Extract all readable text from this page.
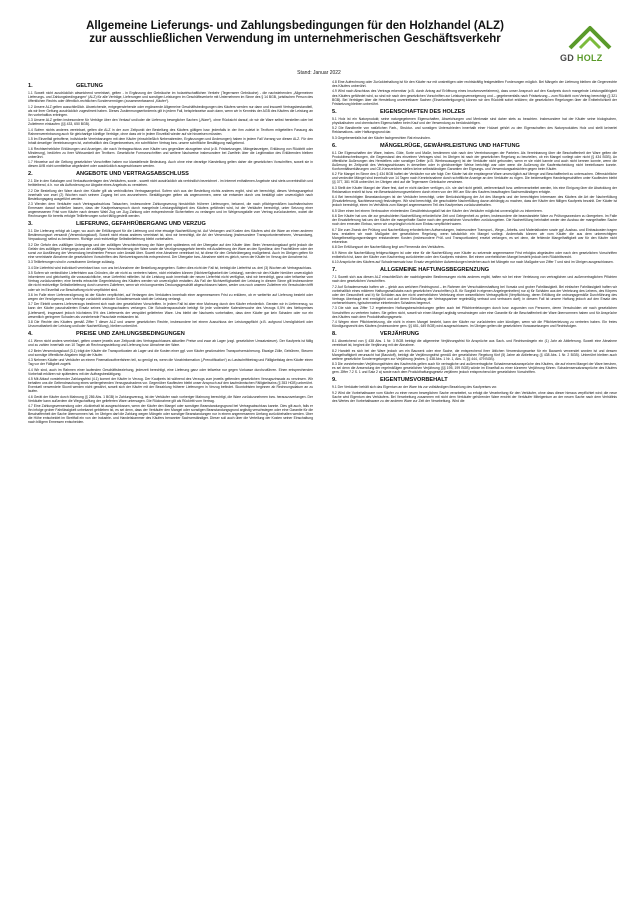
Allgemeine Lieferungs- und Zahlungsbedingungen für den Holzhandel (ALZ)
zur ausschließlichen Verwendung im unternehmerischen Geschäftsverkehr
GD HOLZ
Stand: Januar 2022
1.	GELTUNG
1.1 Soweit nicht ausdrücklich abweichend vereinbart, gelten - in Ergänzung der Gebräuche im holzwirtschaftlichen Verkehr (Tegernseer Gebräuche) - die nachstehenden „Allgemeinen Lieferungs- und Zahlungsbedingungen“ (ALZ) für alle Verträge, Lieferungen und sonstigen Leistungen im Geschäftsverkehr mit Unternehmen im Sinne des § 14 BGB, juristischen Person des öffentlichen Rechts oder öffentlich-rechtlichen Sondervermögen (zusammenfassend „Käufer“).
1.2 Unsere ALZ gelten ausschließlich. Abweichende, entgegenstehende oder ergänzende Allgemeine Geschäftsbedingungen des Käufers werden nur dann und insoweit Vertragsbestandteil, als wir ihrer Geltung ausdrücklich zugestimmt haben. Dieses Zustimmungserfordernis gilt in jedem Fall, beispielsweise auch dann, wenn wir in Kenntnis der AGB des Käufers die Leistung an ihn vorbehaltlos erbringen.
1.3 Unsere ALZ gelten insbesondere für Verträge über den Verkauf und/oder die Lieferung beweglicher Sachen („Ware“), ohne Rücksicht darauf, ob wir die Ware selbst herstellen oder bei Zulieferern einkaufen (§§ 433, 650 BGB).
1.4 Sofern nichts anderes vereinbart, gelten die ALZ in der zum Zeitpunkt der Bestellung des Käufers gültigen bzw. jedenfalls in der ihm zuletzt in Textform mitgeteilten Fassung als Rahmenvereinbarung auch für gleichartige künftige Verträge, ohne dass wir in jedem Einzelfall wieder auf sie hinweisen müssten.
1.5 Im Einzelfall getroffene, individuelle Vereinbarungen mit dem Käufer (einschließlich Nebenabreden, Ergänzungen und Änderungen) haben in jedem Fall Vorrang vor diesen ALZ. Für den Inhalt derartiger Vereinbarungen ist, vorbehaltlich des Gegenbeweises, ein schriftlicher Vertrag bzw. unsere schriftliche Bestätigung maßgebend.
1.6 Rechtserhebliche Erklärungen und Anzeigen, die nach Vertragsschluss vom Käufer uns gegenüber abzugeben sind (z.B. Fristsetzungen, Mängelanzeigen, Erklärung von Rücktritt oder Minderung), bedürfen zu ihrer Wirksamkeit der Textform. Gesetzliche Formvorschriften und weitere Nachweise insbesondere bei Zweifeln über die Legitimation des Erklärenden bleiben unberührt.
1.7 Hinweise auf die Geltung gesetzlicher Vorschriften haben nur klarstellende Bedeutung. Auch ohne eine derartige Klarstellung gelten daher die gesetzlichen Vorschriften, soweit sie in diesen AVB nicht unmittelbar abgeändert oder ausdrücklich ausgeschlossen werden.
2.	ANGEBOTE UND VERTRAGSABSCHLUSS
2.1 Die in den Katalogen und Verkaufsunterlagen des Verkäufers, sowie - soweit nicht ausdrücklich als verbindlich bezeichnet - im Internet enthaltenen Angebote sind stets unverbindlich und freibleibend, d.h. nur als Aufforderung zur Abgabe eines Angebots zu verstehen.
2.2 Die Bestellung der Ware durch den Käufer gilt als verbindliches Vertragsangebot. Sofern sich aus der Bestellung nichts anderes ergibt, sind wir berechtigt, dieses Vertragsangebot innerhalb von zwei (2) Wochen nach seinem Zugang bei uns anzunehmen. Bestätigungen gelten als angenommen, wenn sie entweder durch uns bestätigt oder unverzüglich nach Bestellungsgang ausgeführt werden.
2.3 Werden dem Verkäufer nach Vertragsabschluss Tatsachen, insbesondere Zahlungsverzug hinsichtlich früherer Lieferungen, bekannt, die nach pflichtgemäßem kaufmännischen Ermessen darauf schließen lassen, dass der Kaufpreisanspruch durch mangelnde Leistungsfähigkeit des Käufers gefährdet wird, ist der Verkäufer berechtigt, unter Setzung einer angemessenen Frist vom Käufer nach dessen Wahl Zug um Zug Zahlung oder entsprechende Sicherheiten zu verlangen und im Weigerungsfalle vom Vertrag zurückzutreten, wobei die Rechnungen für bereits erfolgte Teillieferungen sofort fällig gestellt werden.
3.	LIEFERUNG, GEFAHRÜBERGANG UND VERZUG
3.1 Die Lieferung erfolgt ab Lager, wo auch der Erfüllungsort für die Lieferung und eine etwaige Nacherfüllung ist. Auf Verlangen und Kosten des Käufers wird die Ware an einen anderen Bestimmungsort versandt (Versendungskauf). Soweit nicht etwas anderes vereinbart ist, sind wir berechtigt, die Art der Versendung (insbesondere Transportunternehmen, Versandweg, Verpackung) selbst zu bestimmen. Richtige und rechtzeitige Selbstbelieferung bleibt vorbehalten.
3.2 Die Gefahr des zufälligen Untergangs und der zufälligen Verschlechterung der Ware geht spätestens mit der Übergabe auf den Käufer über. Beim Versendungskauf geht jedoch die Gefahr des zufälligen Untergangs und der zufälligen Verschlechterung der Ware sowie die Verzögerungsgefahr bereits mit Auslieferung der Ware an den Spediteur, den Frachtführer oder der sonst zur Ausführung der Versendung bestimmten Person oder Anstalt über. Soweit eine Abnahme vereinbart ist, ist diese für den Gefahrübergang maßgebend. Auch im Übrigen gelten für eine vereinbarte Abnahme die gesetzlichen Vorschriften des Werkvertragsrechts entsprechend. Der Übergabe bzw. Abnahme steht es gleich, wenn der Käufer im Verzug der Annahme ist.
3.3 Teillieferungen sind in zumutbarem Umfange zulässig.
3.4 Die Lieferfrist wird individuell vereinbart bzw. von uns bei Annahme der Bestellung angegeben. Sofern dies nicht der Fall ist, beträgt die Lieferfrist ca. drei (3) Wochen ab Vertragsschluss.
3.5 Sofern wir verbindliche Lieferfristen aus Gründen, die wir nicht zu vertreten haben, nicht einhalten können (Nichtverfügbarkeit der Leistung), werden wir den Käufer hierüber unverzüglich informieren und gleichzeitig die voraussichtliche, neue Lieferfrist mitteilen. Ist die Leistung auch innerhalb der neuen Lieferfrist nicht verfügbar, sind wir berechtigt, ganz oder teilweise vom Vertrag zurückzutreten; eine bereits erbrachte Gegenleistung des Käufers werden wir unverzüglich erstatten. Als Fall der Nichtverfügbarkeit der Leistung in diesem Sinne gilt insbesondere die nicht rechtzeitige Selbstbelieferung durch unseren Zulieferer, wenn wir ein kongruentes Deckungsgeschäft abgeschlossen haben, weder uns noch unseren Zulieferer ein Verschulden trifft oder wir im Einzelfall zur Beschaffung nicht verpflichtet sind.
3.6 Im Falle einer Lieferverzögerung ist der Käufer verpflichtet, auf Verlangen des Verkäufers innerhalb einer angemessenen Frist zu erklären, ob er weiterhin auf Lieferung besteht oder wegen der Verzögerung vom Vertrage zurücktritt und/oder Schadensersatz statt der Leistung verlangt.
3.7 Der Eintritt unseres Lieferverzugs bestimmt sich nach den gesetzlichen Vorschriften. In jedem Fall ist aber eine Mahnung durch den Käufer erforderlich. Geraten wir in Lieferverzug, so kann der Käufer pauschalierten Ersatz seines Verzugsschadens verlangen. Die Schadenspauschale beträgt für jede vollendete Kalenderwoche des Verzugs 0,5% des Nettopreises (Lieferwert), insgesamt jedoch höchstens 5% des Lieferwerts der verspätet gelieferten Ware. Uns bleibt der Nachweis vorbehalten, dass dem Käufer gar kein Schaden oder nur ein wesentlich geringerer Schaden als vorstehende Pauschale entstanden ist.
3.8 Die Rechte des Käufers gemäß Ziffer 7 dieser ALZ und unsere gesetzlichen Rechte, insbesondere bei einem Ausschluss der Leistungspflicht (z.B. aufgrund Unmöglichkeit oder Unzumutbarkeit der Leistung und/oder Nacherfüllung), bleiben unberührt.
4.	PREISE UND ZAHLUNGSBEDINGUNGEN
4.1 Wenn nicht anders vereinbart, gelten unsere jeweils zum Zeitpunkt des Vertragsschlusses aktuellen Preise und zwar ab Lager (zzgl. gesetzlicher Umsatzsteuer). Der Kaufpreis ist fällig und zu zahlen innerhalb von 10 Tagen ab Rechnungsstellung und Lieferung bzw. Abnahme der Ware.
4.2 Beim Versendungskauf (3.1) trägt der Käufer die Transportkosten ab Lager und die Kosten einer ggf. vom Käufer gewünschten Transportversicherung. Etwaige Zölle, Gebühren, Steuern und sonstige öffentliche Abgaben trägt der Käufer.
4.3 Nehmen Käufer und Verkäufer an einem Finematicsoftverfahren teil, so genügt es, wenn die Vorabinformation („Prenotification“) zu Lastschriftbetrag und Fälligkeitstag dem Käufer einen Tag vor der Fälligkeit zugeht.
4.4 Wir sind, auch im Rahmen einer laufenden Geschäftsbeziehung, jederzeit berechtigt, eine Lieferung ganz oder teilweise nur gegen Vorkasse durchzuführen. Einen entsprechenden Vorbehalt erklären wir spätestens mit der Auftragsbestätigung.
4.5 Mit Ablauf vorstehender Zahlungsfrist (4.1) kommt der Käufer in Verzug. Der Kaufpreis ist während des Verzugs zum jeweils geltenden gesetzlichen Verzugszinssatz zu verzinsen. Wir behalten uns die Geltendmachung eines weitergehenden Verzugsschadens vor. Gegenüber Kaufleuten bleibt unser Anspruch auf den kaufmännischen Fälligkeitszins (§ 353 HGB) unberührt. Eventuell verwendete Skonti werden nicht gewährt, soweit sich der Käufer mit der Bezahlung früherer Lieferungen in Verzug befindet. Skontofristen beginnen ab Rechnungsdatum an zu laufen.
4.6 Gerät der Käufer durch Mahnung (§ 286 Abs. 1 BGB) in Zahlungsverzug, ist der Verkäufer nach vorheriger Mahnung berechtigt, die Ware zurückzunehmen bzw. herauszuverlangen. Der Verkäufer kann außerdem die Wegschaffung der gelieferten Ware untersagen. Die Rücknahme gilt als Rücktritt vom Vertrag.
4.7 Eine Zahlungsverwendung oder -rückbehalt ist ausgeschlossen, wenn der Käufer den Mangel oder sonstigen Beanstandungsgrund bei Vertragsabschluss kannte. Dies gilt auch, falls er ihn infolge grober Fahrlässigkeit unbekannt geblieben ist, es sei denn, dass der Verkäufer den Mangel oder sonstigen Beanstandungsgrund arglistig verschwiegen oder eine Garantie für die Beschaffenheit der Sache übernommen hat. Im Übrigen darf die Zahlung wegen Mängeln oder sonstiger Beanstandungen nur in einem angemessenen Umfang zurückbehalten werden. Über die Höhe entscheidet im Streitfall ein von der Industrie- und Handelskammer des Käufers benannter Sachverständiger. Dieser soll auch über die Verteilung der Kosten seiner Einschaltung nach billigem Ermessen entscheiden.
4.8 Eine Aufrechnung oder Zurückbehaltung ist für den Käufer nur mit unstreitigen oder rechtskräftig festgestellten Forderungen möglich. Bei Mängeln der Lieferung bleiben die Gegenrechte des Käufers unberührt.
4.9 Wird nach Abschluss des Vertrags erkennbar (z.B. durch Antrag auf Eröffnung eines Insolvenzverfahrens), dass unser Anspruch auf den Kaufpreis durch mangelnde Leistungsfähigkeit des Käufers gefährdet wird, so sind wir nach den gesetzlichen Vorschriften zur Leistungsverweigerung und – gegebenenfalls nach Fristsetzung – zum Rücktritt vom Vertrag berechtigt (§ 321 BGB). Bei Verträgen über die Herstellung unvertretbarer Sachen (Einzelanfertigungen) können wir den Rücktritt sofort erklären; die gesetzlichen Regelungen über die Entbehrlichkeit der Fristsetzung bleiben unberührt.
5.	EIGENSCHAFTEN DES HOLZES
5.1 Holz ist ein Naturprodukt; seine naturgegebenen Eigenschaften, Abweichungen und Merkmale sind daher stets zu beachten. Insbesondere hat der Käufer seine biologischen, physikalischen und chemischen Eigenschaften beim Kauf und der Verwendung zu berücksichtigen.
5.2 Die Bandbreite von natürlichen Farb-, Struktur- und sonstigen Unterschieden innerhalb einer Holzart gehört zu den Eigenschaften des Naturproduktes Holz und stellt keinerlei Reklamations- oder Haftungsgrund dar.
5.3 Gegebenenfalls hat der Käufer fachgerechten Rat einzuholen.
6.	MÄNGELRÜGE, GEWÄHRLEISTUNG UND HAFTUNG
6.1 Die Eigenschaften der Ware, insbes. Güte, Sorte und Maße, bestimmen sich nach den Vereinbarungen der Parteien. Als Vereinbarung über die Beschaffenheit der Ware gelten die Produktbeschreibungen, die Gegenstand des einzelnen Vertrages sind. Im Übrigen ist nach der gesetzlichen Regelung zu beurteilen, ob ein Mangel vorliegt oder nicht (§ 434 BGB). An öffentliche Äußerungen des Herstellers oder sonstiger Dritter (z.B. Werbeaussagen) ist der Verkäufer nicht gebunden, wenn er sie nicht kannte und auch nicht kennen konnte, wenn die Äußerung im Zeitpunkt des Vertragsschlusses in derselben oder in gleichwertiger Weise berichtigt war oder wenn die Äußerung die Kaufentscheidung nicht beeinflussen konnte. Konformitätserklärungen und CE-Kennzeichen stellen keine selbstständigen Garantien der Eignungs- und Verwendungsabsichten gegen beim Käufer.
6.2 Für Mangel im Sinne des § 434 BGB haftet der Verkäufer nur wie folgt: Der Käufer hat die empfangene Ware unverzüglich auf Menge und Beschaffenheit zu untersuchen. Offensichtliche und verdeckte Mängel sind innerhalb von 14 Tagen nach Kenntnisnahme durch schriftliche Anzeige an den Verkäufer zu rügen. Die beiderseitigen Handelsgeschäften unter Kaufleuten bleibt §§ 377, 381 HGB unberührt. Im Übrigen wird auf die Tegernseer Gebräuche verwiesen.
6.3 Stellt der Käufer Mangel der Ware fest, darf er nicht darüber verfügen, d.h. sie darf nicht geteilt, weiterverkauft bzw. weiterverarbeitet werden, bis eine Einigung über die Abwicklung der Reklamation erzielt ist bzw. ein Beweissicherungsverfahren durch einen von der IHK am Sitz des Kaufers beauftragten Sachverständigen erfolgte.
6.4 Bei berechtigten Beanstandungen ist der Verkäufer berechtigt, unter Berücksichtigung der Art des Mangels und der berechtigten Interessen des Käufers die Art der Nacherfüllung (Ersatzlieferung, Nachbesserung) festzulegen. Wir sind berechtigt, die geschuldete Nacherfüllung davon abhängig zu machen, dass der Käufer den fälligen Kaufpreis bezahlt. Der Käufer ist jedoch berechtigt, einen im Verhältnis zum Mangel angemessenen Teil des Kaufpreises zurückzubehalten.
6.5 Über einen bei einem Verbraucher eintretenden Gewährleistungsfall hat der Käufer den Verkäufer möglichst unverzüglich zu informieren.
6.6 Der Käufer hat uns die zur geschuldeten Nacherfüllung erforderliche Zeit und Gelegenheit zu geben, insbesondere die beanstandete Ware zu Prüfungszwecken zu übergeben. Im Falle der Ersatzlieferung hat uns der Käufer die mangelhafte Sache nach den gesetzlichen Vorschriften zurückzugeben. Die Nacherfüllung beinhaltet weder den Ausbau der mangelhaften Sache noch den erneuten Einbau, wenn wir ursprünglich nicht zum Einbau verpflichtet waren.
6.7 Die zum Zweck der Prüfung und Nacherfüllung erforderlichen Aufwendungen, insbesondere Transport-, Wege-, Arbeits- und Materialkosten sowie ggf. Ausbau- und Einbaukosten tragen bzw. erstatten wir nach Maßgabe der gesetzlichen Regelung, wenn tatsächlich ein Mangel vorliegt. Andernfalls können wir vom Käufer die aus dem unberechtigten Mangelbeseitigungsverlangen entstandenen Kosten (insbesondere Prüf- und Transportkosten) ersetzt verlangen, es sei denn, die fehlende Mangelhaftigkeit war für den Käufer nicht erkennbar.
6.8 Der Erfüllungsort der Nacherfüllung liegt am Firmensitz des Verkäufers.
6.9 Wenn die Nacherfüllung fehlgeschlagen ist oder eine für die Nacherfüllung vom Käufer zu setzende angemessene Frist erfolglos abgelaufen oder nach den gesetzlichen Vorschriften entbehrlich ist, kann der Käufer vom Kaufvertrag zurücktreten oder den Kaufpreis mindern. Bei einem unerheblichen Mangel besteht jedoch kein Rücktrittsrecht.
6.10 Ansprüche des Käufers auf Schadensersatz bzw. Ersatz vergeblicher Aufwendungen bestehen auch bei Mängeln nur nach Maßgabe von Ziffer 7 und sind im Übrigen ausgeschlossen.
7.	ALLGEMEINE HAFTUNGSBEGRENZUNG
7.1 Soweit sich aus diesen ALZ einschließlich der nachfolgenden Bestimmungen nichts anderes ergibt, haften wir bei einer Verletzung von vertraglichen und außervertraglichen Pflichten nach den gesetzlichen Vorschriften.
7.2 Auf Schadensersatz haften wir – gleich aus welchem Rechtsgrund – im Rahmen der Verschuldenshaftung bei Vorsatz und grober Fahrlässigkeit. Bei einfacher Fahrlässigkeit haften wir vorbehaltlich eines milderen Haftungsmaßstabs nach gesetzlichen Vorschriften (z.B. für Sorgfalt in eigenen Angelegenheiten) nur a) für Schäden aus der Verletzung des Lebens, des Körpers oder der Gesundheit und b) für Schäden aus der nicht unerheblichen Verletzung einer wesentlichen Vertragspflicht (Verpflichtung, deren Erfüllung die ordnungsgemäße Durchführung des Vertrags überhaupt erst ermöglicht und auf deren Einhaltung der Vertragspartner regelmäßig vertraut und vertrauen darf); in diesem Fall ist unsere Haftung jedoch auf den Ersatz des vorhersehbaren, typischerweise eintretenden Schadens begrenzt.
7.3 Die sich aus Ziffer 7.2 ergebenden Haftungsbeschränkungen gelten auch bei Pflichtverletzungen durch bzw. zugunsten von Personen, deren Verschulden wir nach gesetzlichen Vorschriften zu vertreten haben. Sie gelten nicht, soweit wir einen Mangel arglistig verschwiegen oder eine Garantie für die Beschaffenheit der Ware übernommen haben und für Ansprüche des Käufers nach dem Produkthaftungsgesetz.
7.4 Wegen einer Pflichtverletzung, die nicht in einem Mangel besteht, kann der Käufer nur zurücktreten oder kündigen, wenn wir die Pflichtverletzung zu vertreten haben. Ein freies Kündigungsrecht des Käufers (insbesondere gem. §§ 651, 649 BGB) wird ausgeschlossen. Im Übrigen gelten die gesetzlichen Voraussetzungen und Rechtsfolgen.
8.	VERJÄHRUNG
8.1 Abweichend von § 438 Abs. 1 Nr. 3 BGB beträgt die allgemeine Verjährungsfrist für Ansprüche aus Sach- und Rechtsmängeln ein (1) Jahr ab Ablieferung. Soweit eine Abnahme vereinbart ist, beginnt die Verjährung mit der Abnahme.
8.2 Handelt es sich bei der Ware jedoch um ein Bauwerk oder eine Sache, die entsprechend ihrer üblichen Verwendungsweise für ein Bauwerk verwendet worden ist und dessen Mangelhaftigkeit verursacht hat (Baustoff), beträgt die Verjährungsfrist gemäß der gesetzlichen Regelung fünf (5) Jahre ab Ablieferung (§ 438 Abs. 1 Nr. 2 BGB). Unberührt bleiben auch weitere gesetzliche Sonderregelungen zur Verjährung (insbes. § 438 Abs. 1 Nr. 1, Abs. 3, §§ 444, 479 BGB).
8.3 Die vorstehenden Verjährungsfristen des Kaufrechts gelten auch für vertragliche und außervertragliche Schadensersatzansprüche des Käufers, die auf einem Mangel der Ware beruhen, es sei denn die Anwendung der regelmäßigen gesetzlichen Verjährung (§§ 195, 199 BGB) würde im Einzelfall zu einer kürzeren Verjährung führen. Schadensersatzansprüche des Käufers gem. Ziffer 7.2 S. 1 und Satz 2 a) sowie nach dem Produkthaftungsgesetz verjähren jedoch entsprechend der gesetzlichen Vorschriften.
9.	EIGENTUMSVORBEHALT
9.1 Der Verkäufer behält sich das Eigentum an der Ware bis zur vollständigen Bezahlung des Kaufpreises vor.
9.2 Wird die Vorbehaltsware vom Käufer zu einer neuen beweglichen Sache verarbeitet, so erfolgt die Verarbeitung für den Verkäufer, ohne dass dieser hieraus verpflichtet wird; die neue Sache wird Eigentum des Verkäufers. Bei Verarbeitung zusammen mit nicht dem Verkäufer gehörender Ware erwirbt der Verkäufer Miteigentum an der neuen Sache nach dem Verhältnis des Wertes der Vorbehaltsware zu der anderen Ware zur Zeit der Verarbeitung. Wird die
